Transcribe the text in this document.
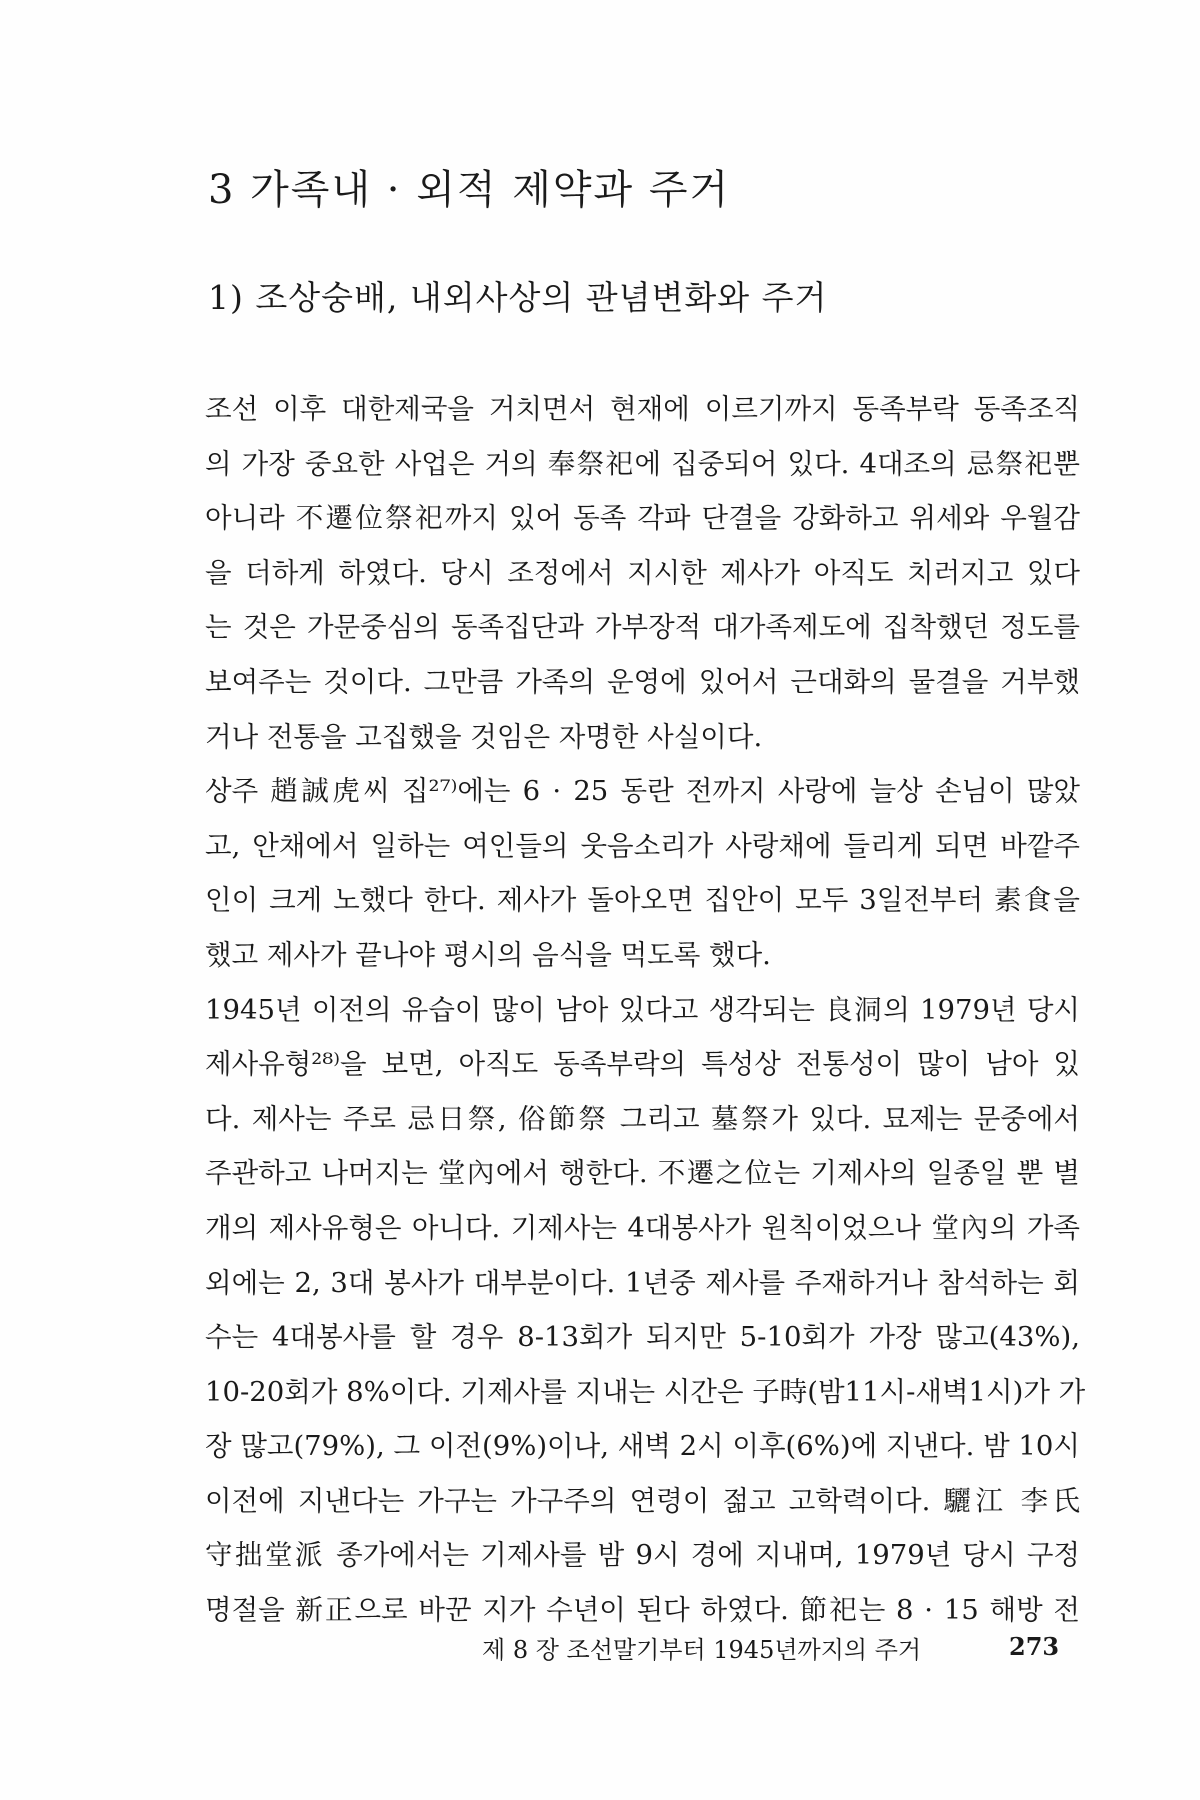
3 가족내 · 외적 제약과 주거
1) 조상숭배, 내외사상의 관념변화와 주거
조선 이후 대한제국을 거치면서 현재에 이르기까지 동족부락 동족조직
의 가장 중요한 사업은 거의 奉祭祀에 집중되어 있다. 4대조의 忌祭祀뿐
아니라 不遷位祭祀까지 있어 동족 각파 단결을 강화하고 위세와 우월감
을 더하게 하였다. 당시 조정에서 지시한 제사가 아직도 치러지고 있다
는 것은 가문중심의 동족집단과 가부장적 대가족제도에 집착했던 정도를
보여주는 것이다. 그만큼 가족의 운영에 있어서 근대화의 물결을 거부했
거나 전통을 고집했을 것임은 자명한 사실이다.
상주 趙誠虎씨 집²⁷⁾에는 6 · 25 동란 전까지 사랑에 늘상 손님이 많았
고, 안채에서 일하는 여인들의 웃음소리가 사랑채에 들리게 되면 바깥주
인이 크게 노했다 한다. 제사가 돌아오면 집안이 모두 3일전부터 素食을
했고 제사가 끝나야 평시의 음식을 먹도록 했다.
1945년 이전의 유습이 많이 남아 있다고 생각되는 良洞의 1979년 당시
제사유형²⁸⁾을 보면, 아직도 동족부락의 특성상 전통성이 많이 남아 있
다. 제사는 주로 忌日祭, 俗節祭 그리고 墓祭가 있다. 묘제는 문중에서
주관하고 나머지는 堂內에서 행한다. 不遷之位는 기제사의 일종일 뿐 별
개의 제사유형은 아니다. 기제사는 4대봉사가 원칙이었으나 堂內의 가족
외에는 2, 3대 봉사가 대부분이다. 1년중 제사를 주재하거나 참석하는 회
수는 4대봉사를 할 경우 8-13회가 되지만 5-10회가 가장 많고(43%),
10-20회가 8%이다. 기제사를 지내는 시간은 子時(밤11시-새벽1시)가 가
장 많고(79%), 그 이전(9%)이나, 새벽 2시 이후(6%)에 지낸다. 밤 10시
이전에 지낸다는 가구는 가구주의 연령이 젊고 고학력이다. 驪江 李氏
守拙堂派 종가에서는 기제사를 밤 9시 경에 지내며, 1979년 당시 구정
명절을 新正으로 바꾼 지가 수년이 된다 하였다. 節祀는 8 · 15 해방 전
제 8 장 조선말기부터 1945년까지의 주거	273
